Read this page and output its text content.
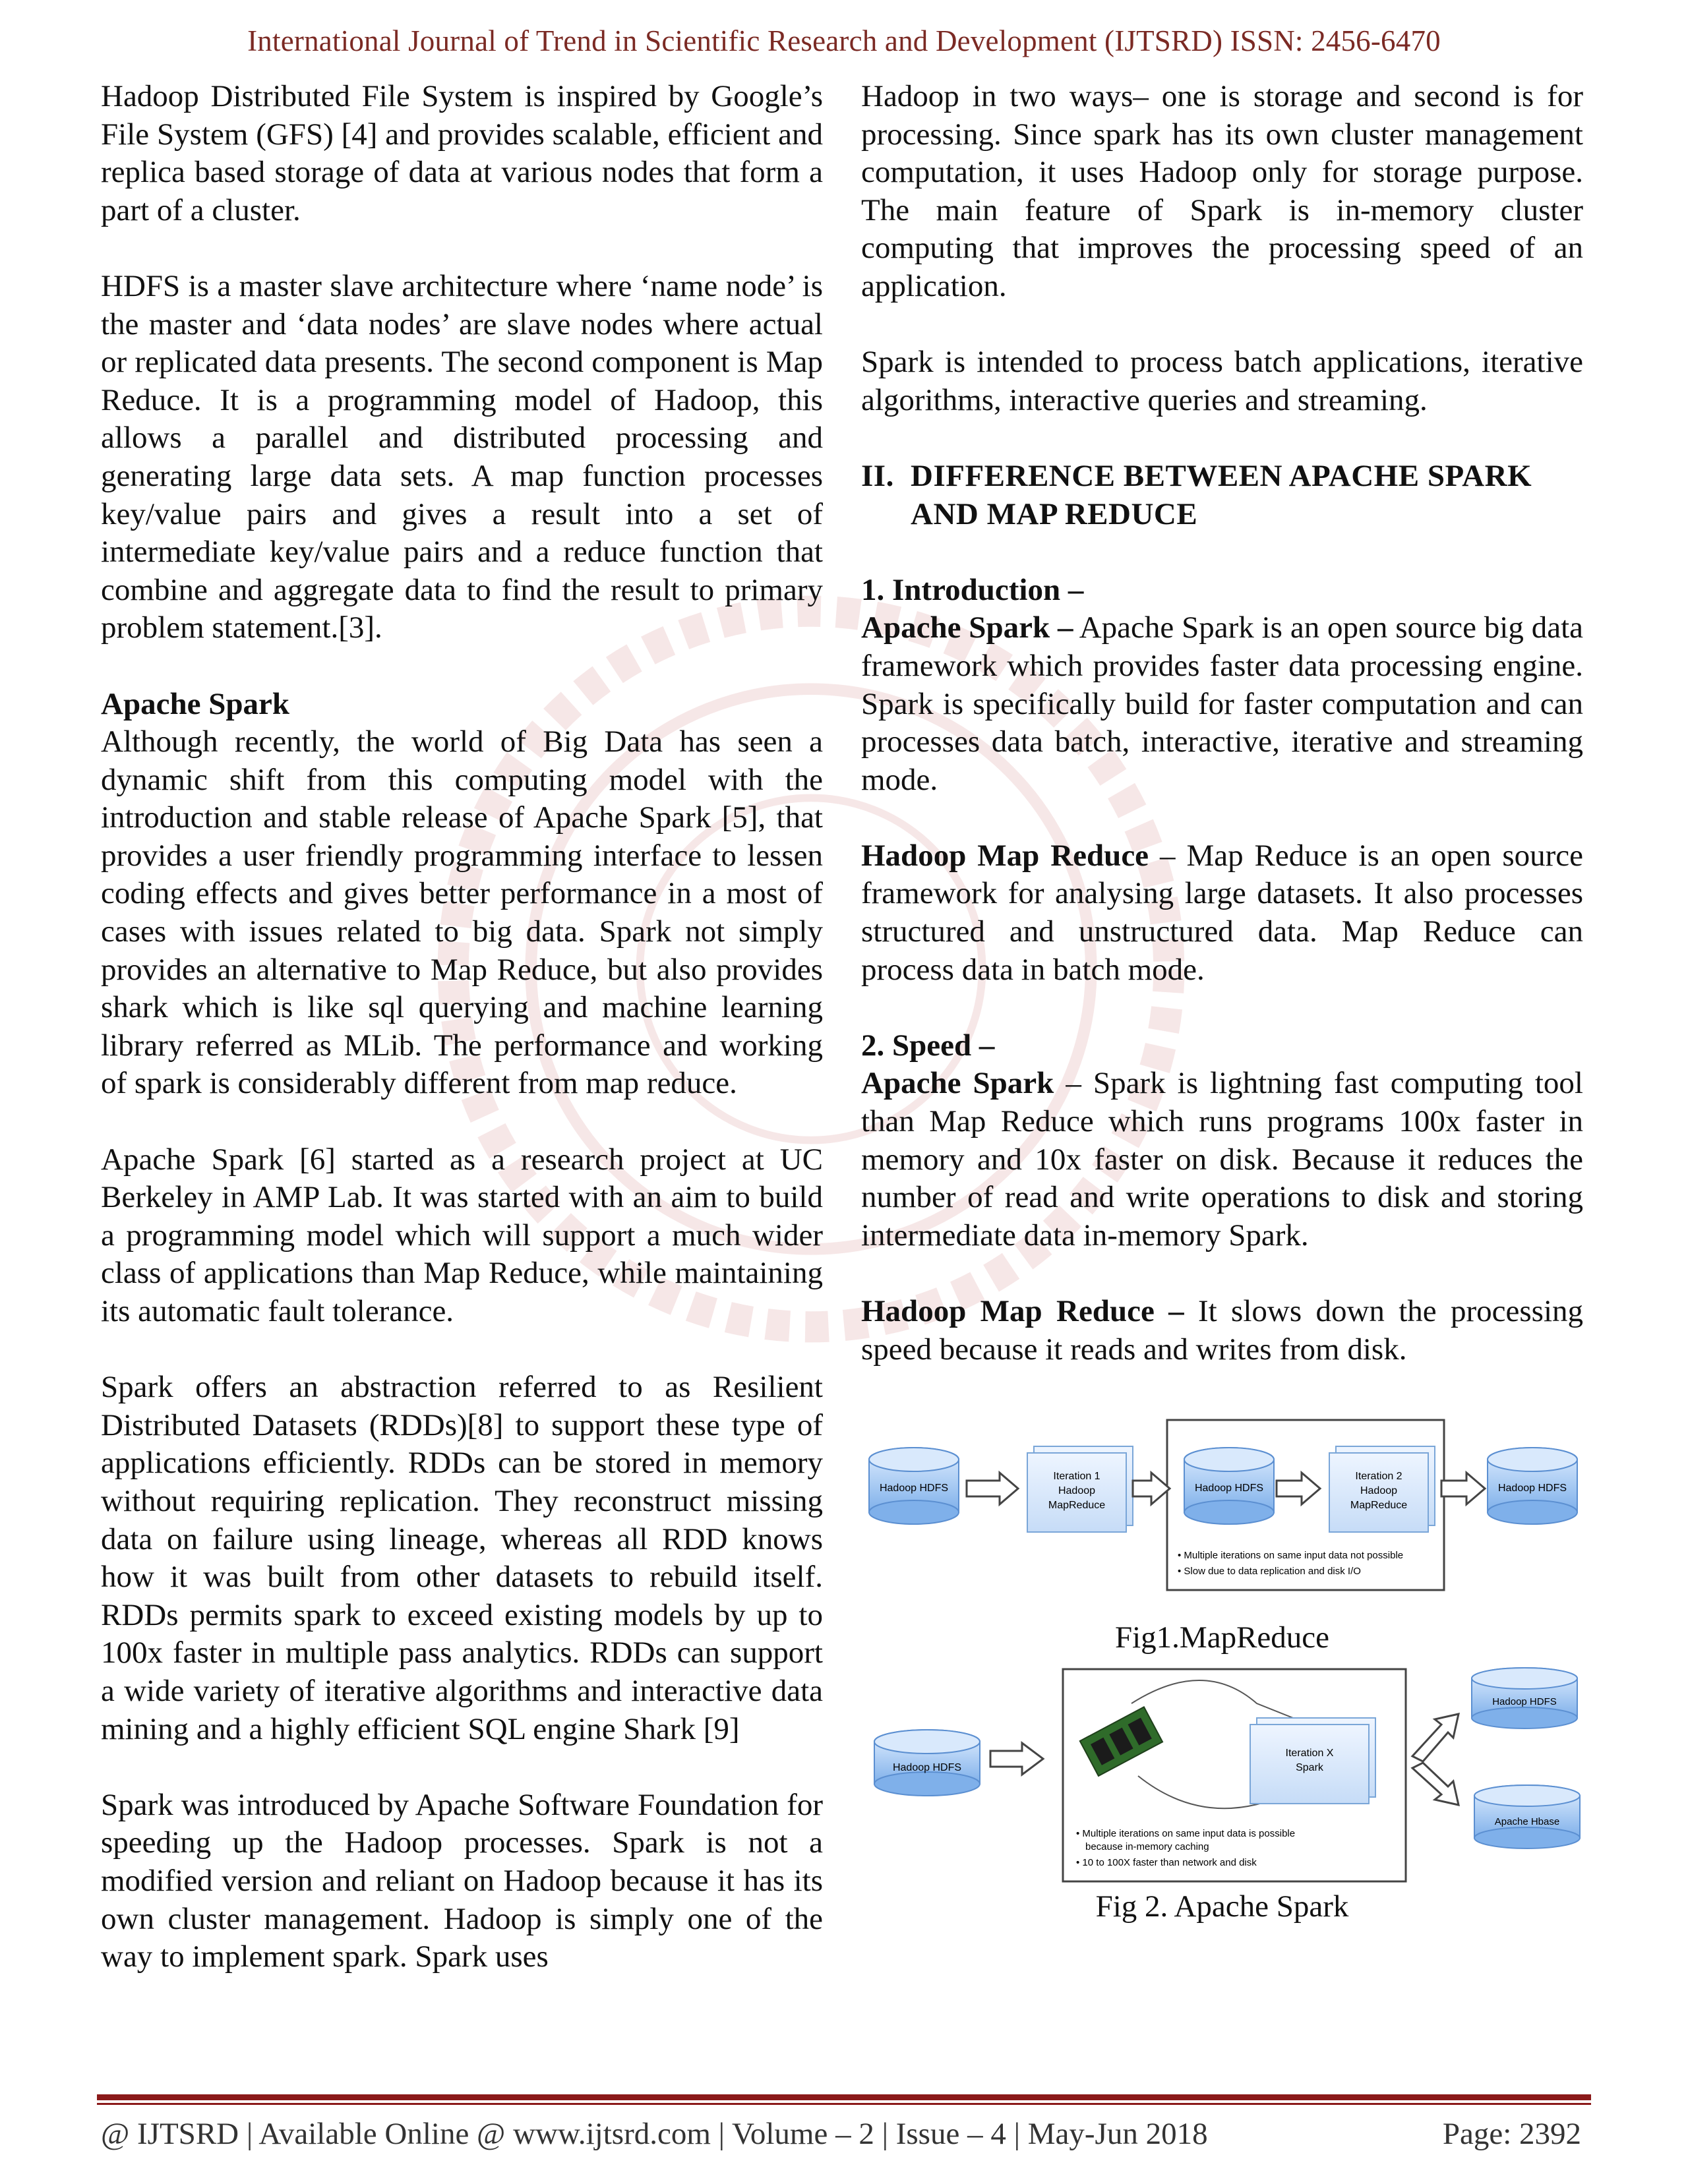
International Journal of Trend in Scientific Research and Development (IJTSRD) ISSN: 2456-6470

Hadoop Distributed File System is inspired by Google’s File System (GFS) [4] and provides scalable, efficient and replica based storage of data at various nodes that form a part of a cluster.

HDFS is a master slave architecture where ‘name node’ is the master and ‘data nodes’ are slave nodes where actual or replicated data presents. The second component is Map Reduce. It is a programming model of Hadoop, this allows a parallel and distributed processing and generating large data sets. A map function processes key/value pairs and gives a result into a set of intermediate key/value pairs and a reduce function that combine and aggregate data to find the result to primary problem statement.[3].

Apache Spark

Although recently, the world of Big Data has seen a dynamic shift from this computing model with the introduction and stable release of Apache Spark [5], that provides a user friendly programming interface to lessen coding effects and gives better performance in a most of cases with issues related to big data. Spark not simply provides an alternative to Map Reduce, but also provides shark which is like sql querying and machine learning library referred as MLib. The performance and working of spark is considerably different from map reduce.

Apache Spark [6] started as a research project at UC Berkeley in AMP Lab. It was started with an aim to build a programming model which will support a much wider class of applications than Map Reduce, while maintaining its automatic fault tolerance.

Spark offers an abstraction referred to as Resilient Distributed Datasets (RDDs)[8] to support these type of applications efficiently. RDDs can be stored in memory without requiring replication. They reconstruct missing data on failure using lineage, whereas all RDD knows how it was built from other datasets to rebuild itself. RDDs permits spark to exceed existing models by up to 100x faster in multiple pass analytics. RDDs can support a wide variety of iterative algorithms and interactive data mining and a highly efficient SQL engine Shark [9]

Spark was introduced by Apache Software Foundation for speeding up the Hadoop processes. Spark is not a modified version and reliant on Hadoop because it has its own cluster management. Hadoop is simply one of the way to implement spark. Spark uses

Hadoop in two ways– one is storage and second is for processing. Since spark has its own cluster management computation, it uses Hadoop only for storage purpose. The main feature of Spark is in-memory cluster computing that improves the processing speed of an application.

Spark is intended to process batch applications, iterative algorithms, interactive queries and streaming.

II. DIFFERENCE BETWEEN APACHE SPARK AND MAP REDUCE
1. Introduction –

Apache Spark – Apache Spark is an open source big data framework which provides faster data processing engine. Spark is specifically build for faster computation and can processes data batch, interactive, iterative and streaming mode.

Hadoop Map Reduce – Map Reduce is an open source framework for analysing large datasets. It also processes structured and unstructured data. Map Reduce can process data in batch mode.

2. Speed –

Apache Spark – Spark is lightning fast computing tool than Map Reduce which runs programs 100x faster in memory and 10x faster on disk. Because it reduces the number of read and write operations to disk and storing intermediate data in-memory Spark.

Hadoop Map Reduce – It slows down the processing speed because it reads and writes from disk.

Hadoop HDFS
Iteration 1
Hadoop
MapReduce
Hadoop HDFS
Iteration 2
Hadoop
MapReduce
Hadoop HDFS
• Multiple iterations on same input data not possible
• Slow due to data replication and disk I/O
Fig1.MapReduce
Hadoop HDFS
Iteration X
Spark
Hadoop HDFS
Apache Hbase
• Multiple iterations on same input data is possible
because in-memory caching
• 10 to 100X faster than network and disk
Fig 2. Apache Spark
@ IJTSRD | Available Online @ www.ijtsrd.com | Volume – 2 | Issue – 4 | May-Jun 2018	Page: 2392
